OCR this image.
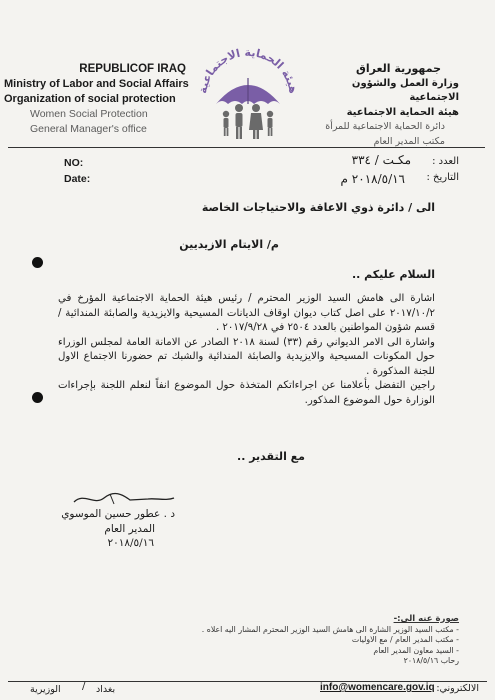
REPUBLICOF IRAQ
Ministry of Labor and Social Affairs
Organization of social protection
Women Social Protection
General Manager's office
هيئة الحماية الاجتماعية
جمهورية العراق
وزارة العمل والشؤون الاجتماعية
هيئة الحماية الاجتماعية
دائرة الحماية الاجتماعية للمرأة
مكتب المدير العام
NO:
Date:
العدد :
مكـت / ٣٣٤
التاريخ :
٢٠١٨/٥/١٦ م
الى / دائرة ذوي الاعاقة والاحتياجات الخاصة
م/ الايتام الازيديين
السلام عليكم ..

اشارة الى هامش السيد الوزير المحترم / رئيس هيئة الحماية الاجتماعية المؤرخ في ٢٠١٧/١٠/٢ على اصل كتاب ديوان اوقاف الديانات المسيحية والايزيدية والصابئة المندائية / قسم شؤون المواطنين بالعدد ٢٥٠٤ في ٢٠١٧/٩/٢٨ .

واشارة الى الامر الديواني رقم (٣٣) لسنة ٢٠١٨ الصادر عن الامانة العامة لمجلس الوزراء حول المكونات المسيحية والايزيدية والصابئة المندائية والشبك تم حضورنا الاجتماع الاول للجنة المذكورة .

راجين التفضل بأعلامنا عن اجراءاتكم المتخذة حول الموضوع انفاً لنعلم اللجنة بإجراءات الوزارة حول الموضوع المذكور.

مع التقدير ..
د . عطور حسين الموسوي
المدير العام
٢٠١٨/٥/١٦
صورة عنه الى:-
- مكتب السيد الوزير الشارة الى هامش السيد الوزير المحترم المشار اليه اعلاه .
- مكتب المدير العام / مع الاوليات
- السيد معاون المدير العام
رحاب ٢٠١٨/٥/١٦
info@womencare.gov.iq الالكتروني:
بغداد
/
الوزيرية
